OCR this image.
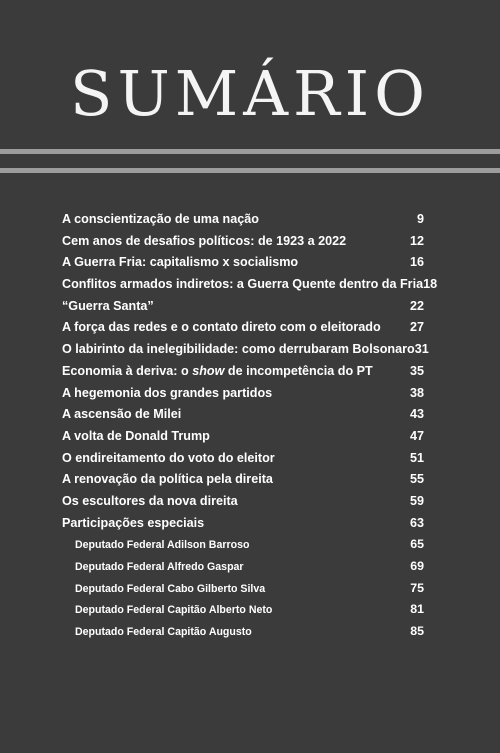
SUMÁRIO
A conscientização de uma nação	9
Cem anos de desafios políticos: de 1923 a 2022	12
A Guerra Fria: capitalismo x socialismo	16
Conflitos armados indiretos: a Guerra Quente dentro da Fria 18
“Guerra Santa”	22
A força das redes e o contato direto com o eleitorado 27
O labirinto da inelegibilidade: como derrubaram Bolsonaro 31
Economia à deriva: o show de incompetência do PT	35
A hegemonia dos grandes partidos	38
A ascensão de Milei	43
A volta de Donald Trump	47
O endireitamento do voto do eleitor	51
A renovação da política pela direita	55
Os escultores da nova direita	59
Participações especiais	63
Deputado Federal Adilson Barroso	65
Deputado Federal Alfredo Gaspar	69
Deputado Federal Cabo Gilberto Silva	75
Deputado Federal Capitão Alberto Neto	81
Deputado Federal Capitão Augusto	85
